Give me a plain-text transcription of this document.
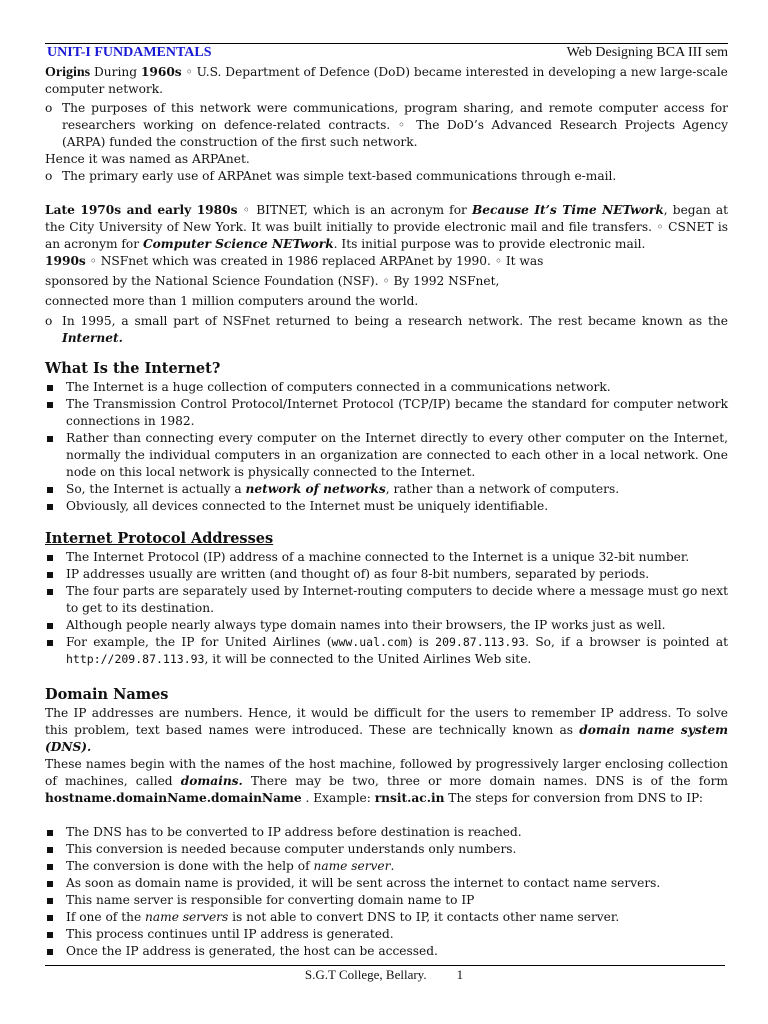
UNIT-I FUNDAMENTALS	Web Designing BCA III sem

Origins During 1960s ◦ U.S. Department of Defence (DoD) became interested in developing a new large-scale computer network.

o The purposes of this network were communications, program sharing, and remote computer access for researchers working on defence-related contracts. ◦ The DoD’s Advanced Research Projects Agency (ARPA) funded the construction of the first such network.

Hence it was named as ARPAnet.

o The primary early use of ARPAnet was simple text-based communications through e-mail.

Late 1970s and early 1980s ◦ BITNET, which is an acronym for Because It’s Time NETwork, began at the City University of New York. It was built initially to provide electronic mail and file transfers. ◦ CSNET is an acronym for Computer Science NETwork. Its initial purpose was to provide electronic mail.

1990s ◦ NSFnet which was created in 1986 replaced ARPAnet by 1990. ◦ It was

sponsored by the National Science Foundation (NSF). ◦ By 1992 NSFnet,

connected more than 1 million computers around the world.

o In 1995, a small part of NSFnet returned to being a research network. The rest became known as the Internet.
What Is the Internet?
The Internet is a huge collection of computers connected in a communications network.
The Transmission Control Protocol/Internet Protocol (TCP/IP) became the standard for computer network connections in 1982.
Rather than connecting every computer on the Internet directly to every other computer on the Internet, normally the individual computers in an organization are connected to each other in a local network. One node on this local network is physically connected to the Internet.
So, the Internet is actually a network of networks, rather than a network of computers.
Obviously, all devices connected to the Internet must be uniquely identifiable.
Internet Protocol Addresses
The Internet Protocol (IP) address of a machine connected to the Internet is a unique 32-bit number.
IP addresses usually are written (and thought of) as four 8-bit numbers, separated by periods.
The four parts are separately used by Internet-routing computers to decide where a message must go next to get to its destination.
Although people nearly always type domain names into their browsers, the IP works just as well.
For example, the IP for United Airlines (www.ual.com) is 209.87.113.93. So, if a browser is pointed at http://209.87.113.93, it will be connected to the United Airlines Web site.
Domain Names

The IP addresses are numbers. Hence, it would be difficult for the users to remember IP address. To solve this problem, text based names were introduced. These are technically known as domain name system (DNS).

These names begin with the names of the host machine, followed by progressively larger enclosing collection of machines, called domains. There may be two, three or more domain names. DNS is of the form hostname.domainName.domainName . Example: rnsit.ac.in The steps for conversion from DNS to IP:

The DNS has to be converted to IP address before destination is reached.
This conversion is needed because computer understands only numbers.
The conversion is done with the help of name server.
As soon as domain name is provided, it will be sent across the internet to contact name servers.
This name server is responsible for converting domain name to IP
If one of the name servers is not able to convert DNS to IP, it contacts other name server.
This process continues until IP address is generated.
Once the IP address is generated, the host can be accessed.
S.G.T College, Bellary. 1
